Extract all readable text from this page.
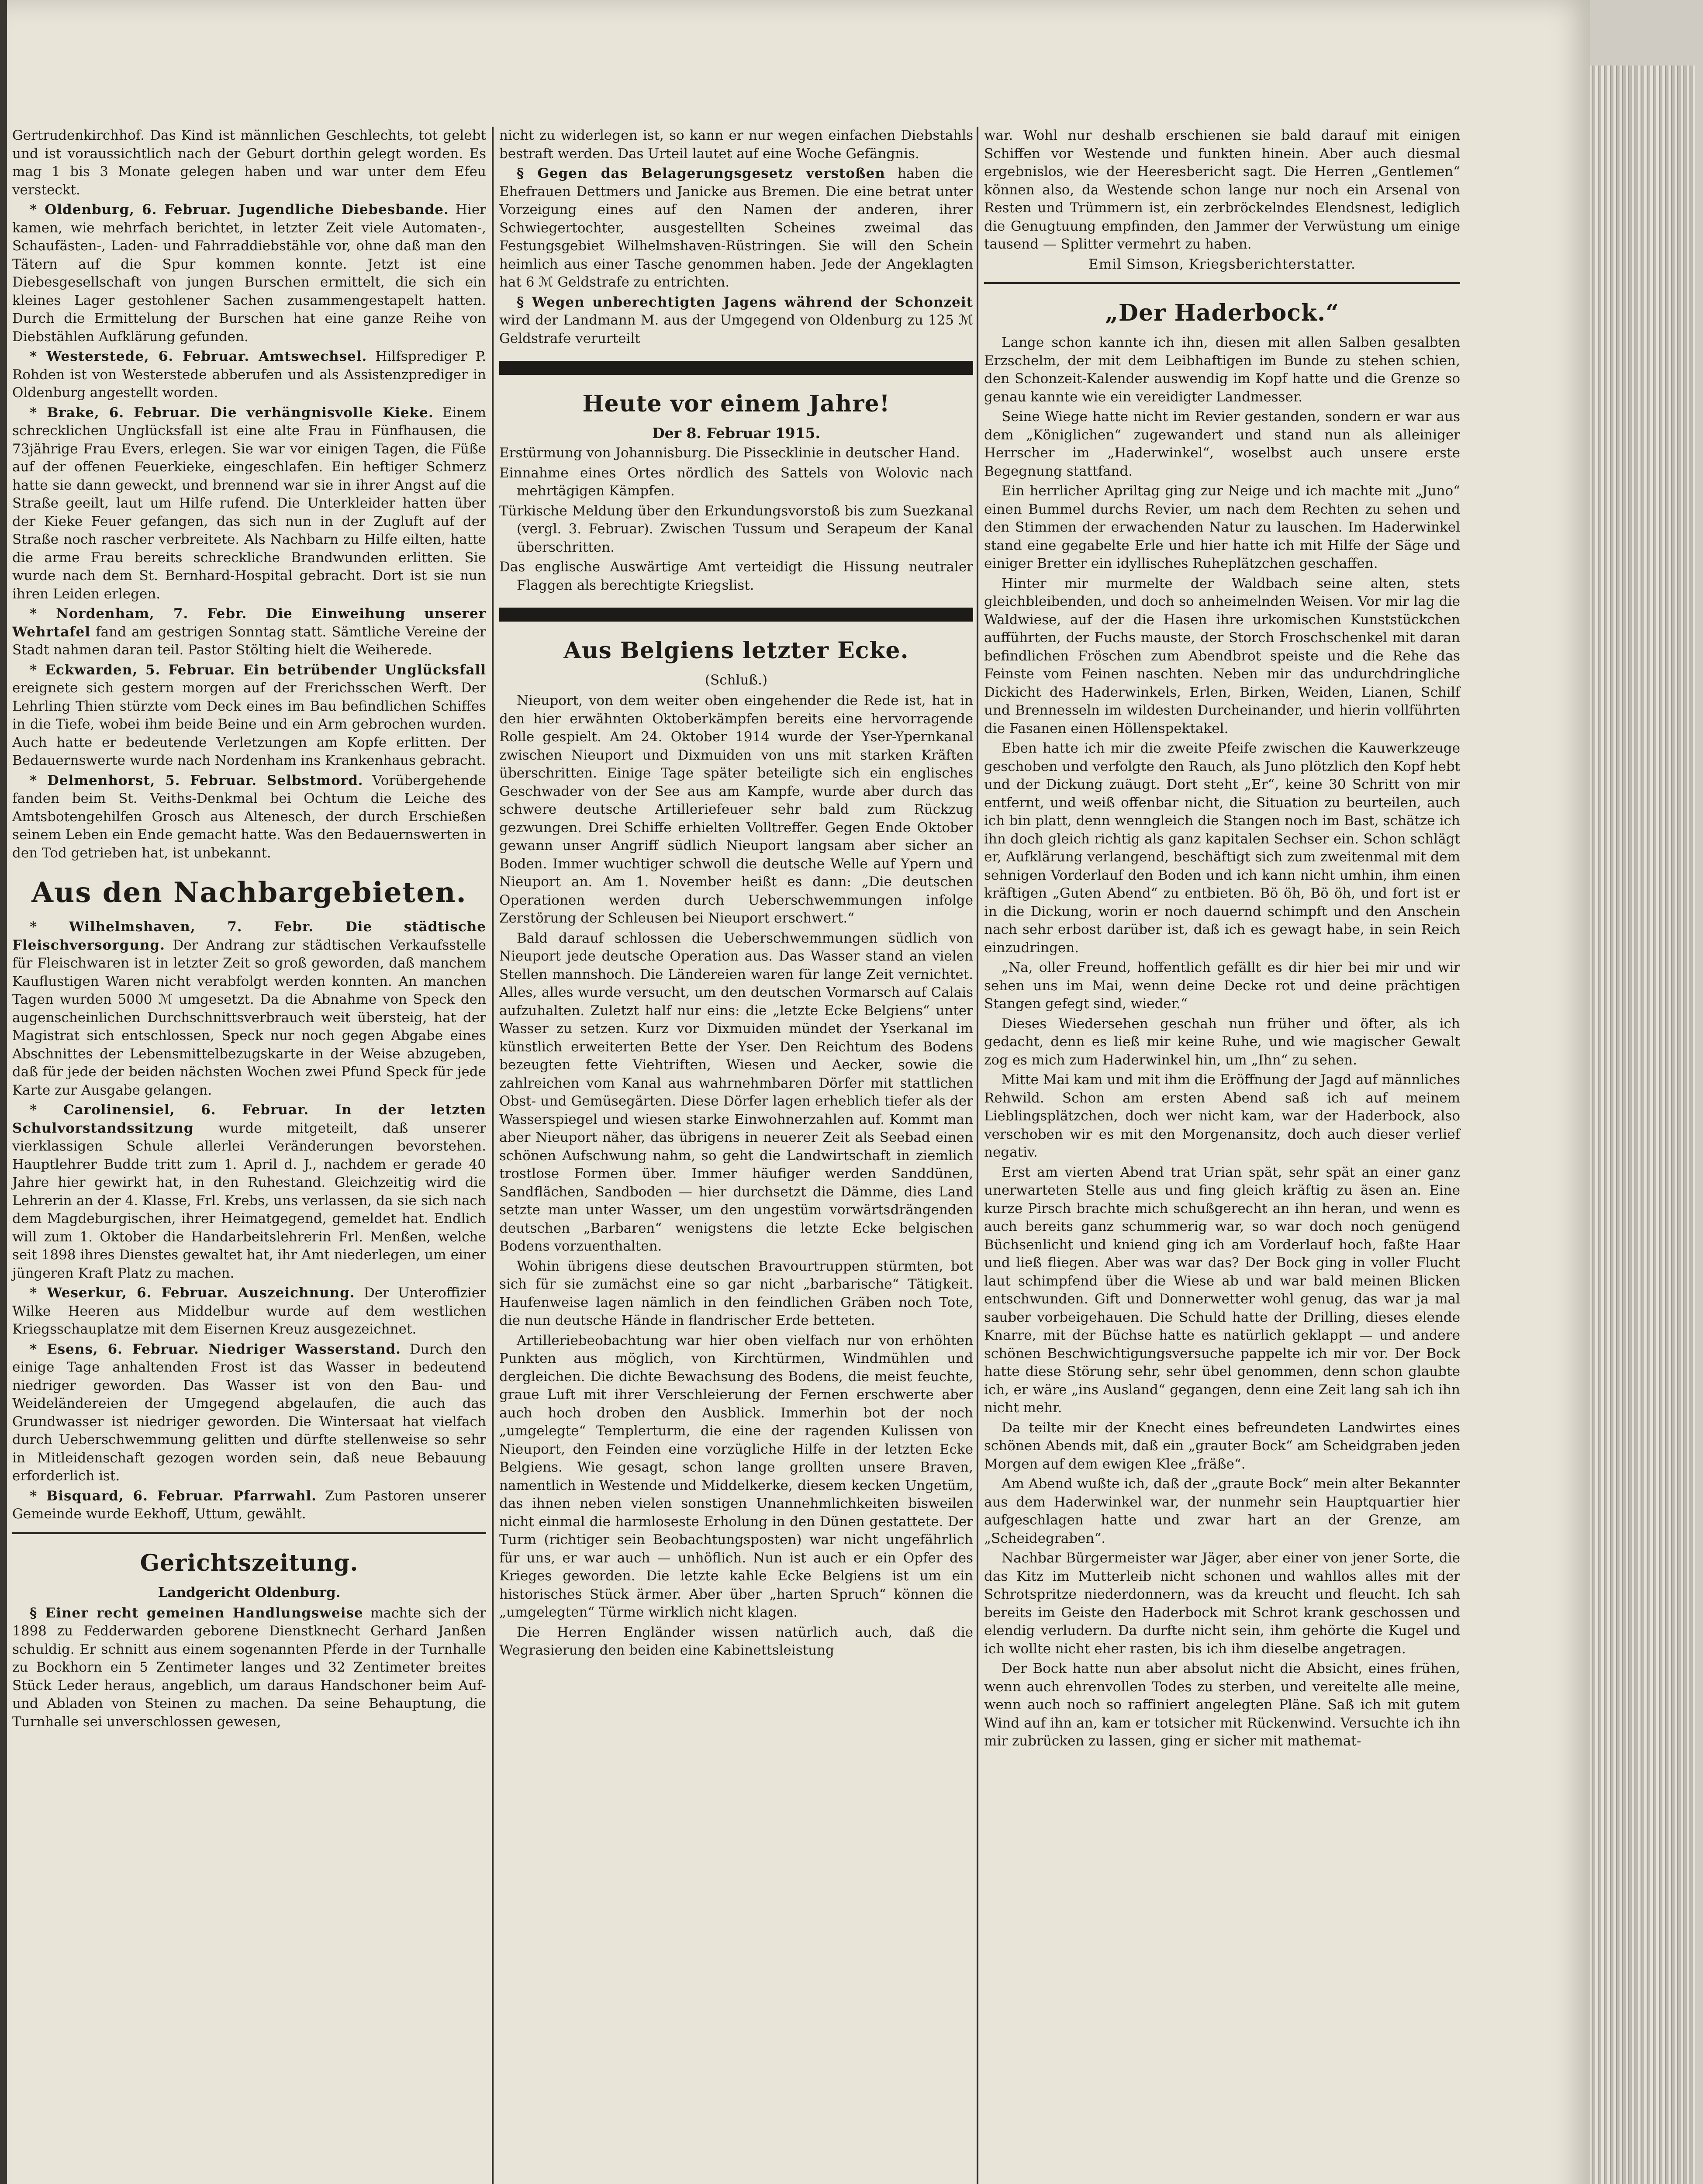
Gertrudenkirchhof. Das Kind ist männlichen Geschlechts, tot gelebt und ist voraussichtlich nach der Geburt dorthin gelegt worden. Es mag 1 bis 3 Monate gelegen haben und war unter dem Efeu versteckt.

* Oldenburg, 6. Februar. Jugendliche Diebesbande. Hier kamen, wie mehrfach berichtet, in letzter Zeit viele Automaten-, Schaufästen-, Laden- und Fahrraddiebstähle vor, ohne daß man den Tätern auf die Spur kommen konnte. Jetzt ist eine Diebesgesellschaft von jungen Burschen ermittelt, die sich ein kleines Lager gestohlener Sachen zusammengestapelt hatten. Durch die Ermittelung der Burschen hat eine ganze Reihe von Diebstählen Aufklärung gefunden.

* Westerstede, 6. Februar. Amtswechsel. Hilfsprediger P. Rohden ist von Westerstede abberufen und als Assistenzprediger in Oldenburg angestellt worden.

* Brake, 6. Februar. Die verhängnisvolle Kieke. Einem schrecklichen Unglücksfall ist eine alte Frau in Fünfhausen, die 73jährige Frau Evers, erlegen. Sie war vor einigen Tagen, die Füße auf der offenen Feuerkieke, eingeschlafen. Ein heftiger Schmerz hatte sie dann geweckt, und brennend war sie in ihrer Angst auf die Straße geeilt, laut um Hilfe rufend. Die Unterkleider hatten über der Kieke Feuer gefangen, das sich nun in der Zugluft auf der Straße noch rascher verbreitete. Als Nachbarn zu Hilfe eilten, hatte die arme Frau bereits schreckliche Brandwunden erlitten. Sie wurde nach dem St. Bernhard-Hospital gebracht. Dort ist sie nun ihren Leiden erlegen.

* Nordenham, 7. Febr. Die Einweihung unserer Wehrtafel fand am gestrigen Sonntag statt. Sämtliche Vereine der Stadt nahmen daran teil. Pastor Stölting hielt die Weiherede.

* Eckwarden, 5. Februar. Ein betrübender Unglücksfall ereignete sich gestern morgen auf der Frerichsschen Werft. Der Lehrling Thien stürzte vom Deck eines im Bau befindlichen Schiffes in die Tiefe, wobei ihm beide Beine und ein Arm gebrochen wurden. Auch hatte er bedeutende Verletzungen am Kopfe erlitten. Der Bedauernswerte wurde nach Nordenham ins Krankenhaus gebracht.

* Delmenhorst, 5. Februar. Selbstmord. Vorübergehende fanden beim St. Veiths-Denkmal bei Ochtum die Leiche des Amtsbotengehilfen Grosch aus Altenesch, der durch Erschießen seinem Leben ein Ende gemacht hatte. Was den Bedauernswerten in den Tod getrieben hat, ist unbekannt.

Aus den Nachbargebieten.

* Wilhelmshaven, 7. Febr. Die städtische Fleischversorgung. Der Andrang zur städtischen Verkaufsstelle für Fleischwaren ist in letzter Zeit so groß geworden, daß manchem Kauflustigen Waren nicht verabfolgt werden konnten. An manchen Tagen wurden 5000 ℳ umgesetzt. Da die Abnahme von Speck den augenscheinlichen Durchschnittsverbrauch weit übersteig, hat der Magistrat sich entschlossen, Speck nur noch gegen Abgabe eines Abschnittes der Lebensmittelbezugskarte in der Weise abzugeben, daß für jede der beiden nächsten Wochen zwei Pfund Speck für jede Karte zur Ausgabe gelangen.

* Carolinensiel, 6. Februar. In der letzten Schulvorstandssitzung wurde mitgeteilt, daß unserer vierklassigen Schule allerlei Veränderungen bevorstehen. Hauptlehrer Budde tritt zum 1. April d. J., nachdem er gerade 40 Jahre hier gewirkt hat, in den Ruhestand. Gleichzeitig wird die Lehrerin an der 4. Klasse, Frl. Krebs, uns verlassen, da sie sich nach dem Magdeburgischen, ihrer Heimatgegend, gemeldet hat. Endlich will zum 1. Oktober die Handarbeitslehrerin Frl. Menßen, welche seit 1898 ihres Dienstes gewaltet hat, ihr Amt niederlegen, um einer jüngeren Kraft Platz zu machen.

* Weserkur, 6. Februar. Auszeichnung. Der Unteroffizier Wilke Heeren aus Middelbur wurde auf dem westlichen Kriegsschauplatze mit dem Eisernen Kreuz ausgezeichnet.

* Esens, 6. Februar. Niedriger Wasserstand. Durch den einige Tage anhaltenden Frost ist das Wasser in bedeutend niedriger geworden. Das Wasser ist von den Bau- und Weideländereien der Umgegend abgelaufen, die auch das Grundwasser ist niedriger geworden. Die Wintersaat hat vielfach durch Ueberschwemmung gelitten und dürfte stellenweise so sehr in Mitleidenschaft gezogen worden sein, daß neue Bebauung erforderlich ist.

* Bisquard, 6. Februar. Pfarrwahl. Zum Pastoren unserer Gemeinde wurde Eekhoff, Uttum, gewählt.

Gerichtszeitung.
Landgericht Oldenburg.

§ Einer recht gemeinen Handlungsweise machte sich der 1898 zu Fedderwarden geborene Dienstknecht Gerhard Janßen schuldig. Er schnitt aus einem sogenannten Pferde in der Turnhalle zu Bockhorn ein 5 Zentimeter langes und 32 Zentimeter breites Stück Leder heraus, angeblich, um daraus Handschoner beim Auf- und Abladen von Steinen zu machen. Da seine Behauptung, die Turnhalle sei unverschlossen gewesen,

nicht zu widerlegen ist, so kann er nur wegen einfachen Diebstahls bestraft werden. Das Urteil lautet auf eine Woche Gefängnis.

§ Gegen das Belagerungsgesetz verstoßen haben die Ehefrauen Dettmers und Janicke aus Bremen. Die eine betrat unter Vorzeigung eines auf den Namen der anderen, ihrer Schwiegertochter, ausgestellten Scheines zweimal das Festungsgebiet Wilhelmshaven-Rüstringen. Sie will den Schein heimlich aus einer Tasche genommen haben. Jede der Angeklagten hat 6 ℳ Geldstrafe zu entrichten.

§ Wegen unberechtigten Jagens während der Schonzeit wird der Landmann M. aus der Umgegend von Oldenburg zu 125 ℳ Geldstrafe verurteilt

Heute vor einem Jahre!
Der 8. Februar 1915.

Erstürmung von Johannisburg. Die Pissecklinie in deutscher Hand.

Einnahme eines Ortes nördlich des Sattels von Wolovic nach mehrtägigen Kämpfen.

Türkische Meldung über den Erkundungsvorstoß bis zum Suezkanal (vergl. 3. Februar). Zwischen Tussum und Serapeum der Kanal überschritten.

Das englische Auswärtige Amt verteidigt die Hissung neutraler Flaggen als berechtigte Kriegslist.

Aus Belgiens letzter Ecke.
(Schluß.)

Nieuport, von dem weiter oben eingehender die Rede ist, hat in den hier erwähnten Oktoberkämpfen bereits eine hervorragende Rolle gespielt. Am 24. Oktober 1914 wurde der Yser-Ypernkanal zwischen Nieuport und Dixmuiden von uns mit starken Kräften überschritten. Einige Tage später beteiligte sich ein englisches Geschwader von der See aus am Kampfe, wurde aber durch das schwere deutsche Artilleriefeuer sehr bald zum Rückzug gezwungen. Drei Schiffe erhielten Volltreffer. Gegen Ende Oktober gewann unser Angriff südlich Nieuport langsam aber sicher an Boden. Immer wuchtiger schwoll die deutsche Welle auf Ypern und Nieuport an. Am 1. November heißt es dann: „Die deutschen Operationen werden durch Ueberschwemmungen infolge Zerstörung der Schleusen bei Nieuport erschwert.“

Bald darauf schlossen die Ueberschwemmungen südlich von Nieuport jede deutsche Operation aus. Das Wasser stand an vielen Stellen mannshoch. Die Ländereien waren für lange Zeit vernichtet. Alles, alles wurde versucht, um den deutschen Vormarsch auf Calais aufzuhalten. Zuletzt half nur eins: die „letzte Ecke Belgiens“ unter Wasser zu setzen. Kurz vor Dixmuiden mündet der Yserkanal im künstlich erweiterten Bette der Yser. Den Reichtum des Bodens bezeugten fette Viehtriften, Wiesen und Aecker, sowie die zahlreichen vom Kanal aus wahrnehmbaren Dörfer mit stattlichen Obst- und Gemüsegärten. Diese Dörfer lagen erheblich tiefer als der Wasserspiegel und wiesen starke Einwohnerzahlen auf. Kommt man aber Nieuport näher, das übrigens in neuerer Zeit als Seebad einen schönen Aufschwung nahm, so geht die Landwirtschaft in ziemlich trostlose Formen über. Immer häufiger werden Sanddünen, Sandflächen, Sandboden — hier durchsetzt die Dämme, dies Land setzte man unter Wasser, um den ungestüm vorwärtsdrängenden deutschen „Barbaren“ wenigstens die letzte Ecke belgischen Bodens vorzuenthalten.

Wohin übrigens diese deutschen Bravourtruppen stürmten, bot sich für sie zumächst eine so gar nicht „barbarische“ Tätigkeit. Haufenweise lagen nämlich in den feindlichen Gräben noch Tote, die nun deutsche Hände in flandrischer Erde betteten.

Artilleriebeobachtung war hier oben vielfach nur von erhöhten Punkten aus möglich, von Kirchtürmen, Windmühlen und dergleichen. Die dichte Bewachsung des Bodens, die meist feuchte, graue Luft mit ihrer Verschleierung der Fernen erschwerte aber auch hoch droben den Ausblick. Immerhin bot der noch „umgelegte“ Templerturm, die eine der ragenden Kulissen von Nieuport, den Feinden eine vorzügliche Hilfe in der letzten Ecke Belgiens. Wie gesagt, schon lange grollten unsere Braven, namentlich in Westende und Middelkerke, diesem kecken Ungetüm, das ihnen neben vielen sonstigen Unannehmlichkeiten bisweilen nicht einmal die harmloseste Erholung in den Dünen gestattete. Der Turm (richtiger sein Beobachtungsposten) war nicht ungefährlich für uns, er war auch — unhöflich. Nun ist auch er ein Opfer des Krieges geworden. Die letzte kahle Ecke Belgiens ist um ein historisches Stück ärmer. Aber über „harten Spruch“ können die „umgelegten“ Türme wirklich nicht klagen.

Die Herren Engländer wissen natürlich auch, daß die Wegrasierung den beiden eine Kabinettsleistung

war. Wohl nur deshalb erschienen sie bald darauf mit einigen Schiffen vor Westende und funkten hinein. Aber auch diesmal ergebnislos, wie der Heeresbericht sagt. Die Herren „Gentlemen“ können also, da Westende schon lange nur noch ein Arsenal von Resten und Trümmern ist, ein zerbröckelndes Elendsnest, lediglich die Genugtuung empfinden, den Jammer der Verwüstung um einige tausend — Splitter vermehrt zu haben.

Emil Simson, Kriegsberichterstatter.

„Der Haderbock.“

Lange schon kannte ich ihn, diesen mit allen Salben gesalbten Erzschelm, der mit dem Leibhaftigen im Bunde zu stehen schien, den Schonzeit-Kalender auswendig im Kopf hatte und die Grenze so genau kannte wie ein vereidigter Landmesser.

Seine Wiege hatte nicht im Revier gestanden, sondern er war aus dem „Königlichen“ zugewandert und stand nun als alleiniger Herrscher im „Haderwinkel“, woselbst auch unsere erste Begegnung stattfand.

Ein herrlicher Apriltag ging zur Neige und ich machte mit „Juno“ einen Bummel durchs Revier, um nach dem Rechten zu sehen und den Stimmen der erwachenden Natur zu lauschen. Im Haderwinkel stand eine gegabelte Erle und hier hatte ich mit Hilfe der Säge und einiger Bretter ein idyllisches Ruheplätzchen geschaffen.

Hinter mir murmelte der Waldbach seine alten, stets gleichbleibenden, und doch so anheimelnden Weisen. Vor mir lag die Waldwiese, auf der die Hasen ihre urkomischen Kunststückchen aufführten, der Fuchs mauste, der Storch Froschschenkel mit daran befindlichen Fröschen zum Abendbrot speiste und die Rehe das Feinste vom Feinen naschten. Neben mir das undurchdringliche Dickicht des Haderwinkels, Erlen, Birken, Weiden, Lianen, Schilf und Brennesseln im wildesten Durcheinander, und hierin vollführten die Fasanen einen Höllenspektakel.

Eben hatte ich mir die zweite Pfeife zwischen die Kauwerkzeuge geschoben und verfolgte den Rauch, als Juno plötzlich den Kopf hebt und der Dickung zuäugt. Dort steht „Er“, keine 30 Schritt von mir entfernt, und weiß offenbar nicht, die Situation zu beurteilen, auch ich bin platt, denn wenngleich die Stangen noch im Bast, schätze ich ihn doch gleich richtig als ganz kapitalen Sechser ein. Schon schlägt er, Aufklärung verlangend, beschäftigt sich zum zweitenmal mit dem sehnigen Vorderlauf den Boden und ich kann nicht umhin, ihm einen kräftigen „Guten Abend“ zu entbieten. Bö öh, Bö öh, und fort ist er in die Dickung, worin er noch dauernd schimpft und den Anschein nach sehr erbost darüber ist, daß ich es gewagt habe, in sein Reich einzudringen.

„Na, oller Freund, hoffentlich gefällt es dir hier bei mir und wir sehen uns im Mai, wenn deine Decke rot und deine prächtigen Stangen gefegt sind, wieder.“

Dieses Wiedersehen geschah nun früher und öfter, als ich gedacht, denn es ließ mir keine Ruhe, und wie magischer Gewalt zog es mich zum Haderwinkel hin, um „Ihn“ zu sehen.

Mitte Mai kam und mit ihm die Eröffnung der Jagd auf männliches Rehwild. Schon am ersten Abend saß ich auf meinem Lieblingsplätzchen, doch wer nicht kam, war der Haderbock, also verschoben wir es mit den Morgenansitz, doch auch dieser verlief negativ.

Erst am vierten Abend trat Urian spät, sehr spät an einer ganz unerwarteten Stelle aus und fing gleich kräftig zu äsen an. Eine kurze Pirsch brachte mich schußgerecht an ihn heran, und wenn es auch bereits ganz schummerig war, so war doch noch genügend Büchsenlicht und kniend ging ich am Vorderlauf hoch, faßte Haar und ließ fliegen. Aber was war das? Der Bock ging in voller Flucht laut schimpfend über die Wiese ab und war bald meinen Blicken entschwunden. Gift und Donnerwetter wohl genug, das war ja mal sauber vorbeigehauen. Die Schuld hatte der Drilling, dieses elende Knarre, mit der Büchse hatte es natürlich geklappt — und andere schönen Beschwichtigungsversuche pappelte ich mir vor. Der Bock hatte diese Störung sehr, sehr übel genommen, denn schon glaubte ich, er wäre „ins Ausland“ gegangen, denn eine Zeit lang sah ich ihn nicht mehr.

Da teilte mir der Knecht eines befreundeten Landwirtes eines schönen Abends mit, daß ein „grauter Bock“ am Scheidgraben jeden Morgen auf dem ewigen Klee „fräße“.

Am Abend wußte ich, daß der „graute Bock“ mein alter Bekannter aus dem Haderwinkel war, der nunmehr sein Hauptquartier hier aufgeschlagen hatte und zwar hart an der Grenze, am „Scheidegraben“.

Nachbar Bürgermeister war Jäger, aber einer von jener Sorte, die das Kitz im Mutterleib nicht schonen und wahllos alles mit der Schrotspritze niederdonnern, was da kreucht und fleucht. Ich sah bereits im Geiste den Haderbock mit Schrot krank geschossen und elendig verludern. Da durfte nicht sein, ihm gehörte die Kugel und ich wollte nicht eher rasten, bis ich ihm dieselbe angetragen.

Der Bock hatte nun aber absolut nicht die Absicht, eines frühen, wenn auch ehrenvollen Todes zu sterben, und vereitelte alle meine, wenn auch noch so raffiniert angelegten Pläne. Saß ich mit gutem Wind auf ihn an, kam er totsicher mit Rückenwind. Versuchte ich ihn mir zubrücken zu lassen, ging er sicher mit mathemat-
